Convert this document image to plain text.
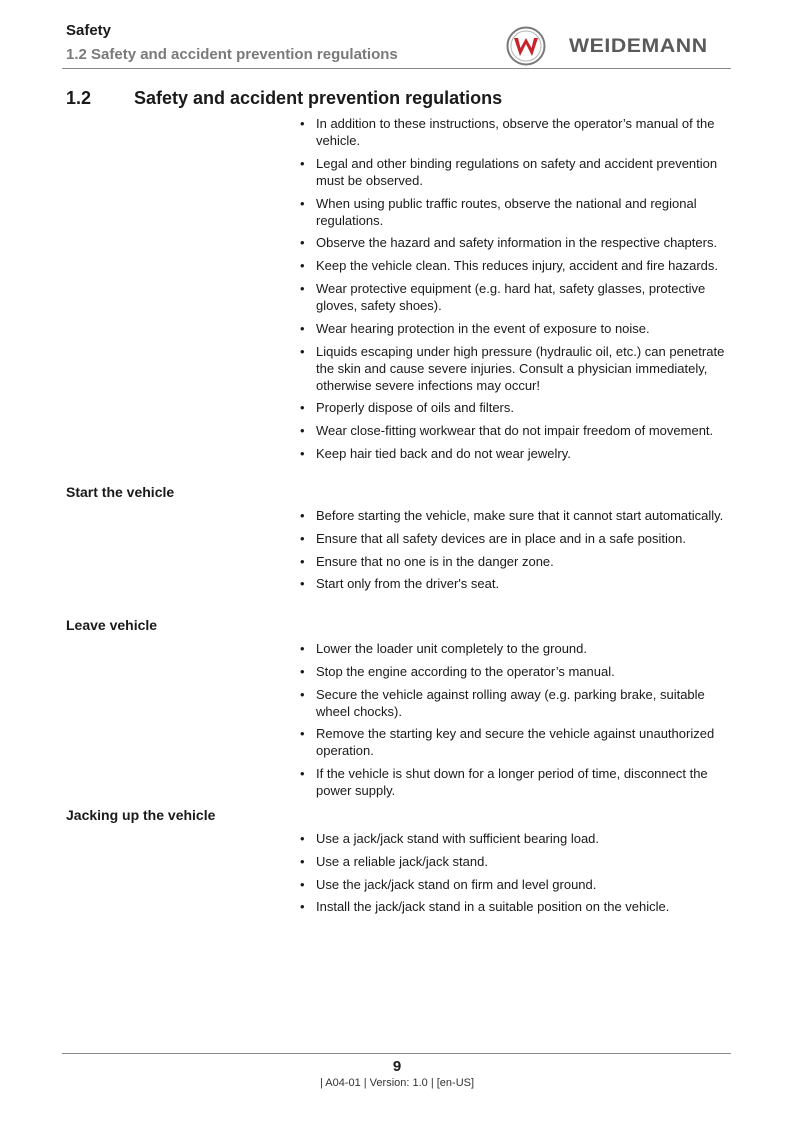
Safety
1.2 Safety and accident prevention regulations	WEIDEMANN
1.2 Safety and accident prevention regulations
• In addition to these instructions, observe the operator’s manual of the vehicle.
• Legal and other binding regulations on safety and accident prevention must be observed.
• When using public traffic routes, observe the national and regional regulations.
• Observe the hazard and safety information in the respective chapters.
• Keep the vehicle clean. This reduces injury, accident and fire hazards.
• Wear protective equipment (e.g. hard hat, safety glasses, protective gloves, safety shoes).
• Wear hearing protection in the event of exposure to noise.
• Liquids escaping under high pressure (hydraulic oil, etc.) can penetrate the skin and cause severe injuries. Consult a physician immediately, otherwise severe infections may occur!
• Properly dispose of oils and filters.
• Wear close-fitting workwear that do not impair freedom of movement.
• Keep hair tied back and do not wear jewelry.
Start the vehicle
• Before starting the vehicle, make sure that it cannot start automatically.
• Ensure that all safety devices are in place and in a safe position.
• Ensure that no one is in the danger zone.
• Start only from the driver's seat.
Leave vehicle
• Lower the loader unit completely to the ground.
• Stop the engine according to the operator’s manual.
• Secure the vehicle against rolling away (e.g. parking brake, suitable wheel chocks).
• Remove the starting key and secure the vehicle against unauthorized operation.
• If the vehicle is shut down for a longer period of time, disconnect the power supply.
Jacking up the vehicle
• Use a jack/jack stand with sufficient bearing load.
• Use a reliable jack/jack stand.
• Use the jack/jack stand on firm and level ground.
• Install the jack/jack stand in a suitable position on the vehicle.
9
| A04-01 | Version: 1.0 | [en-US]
